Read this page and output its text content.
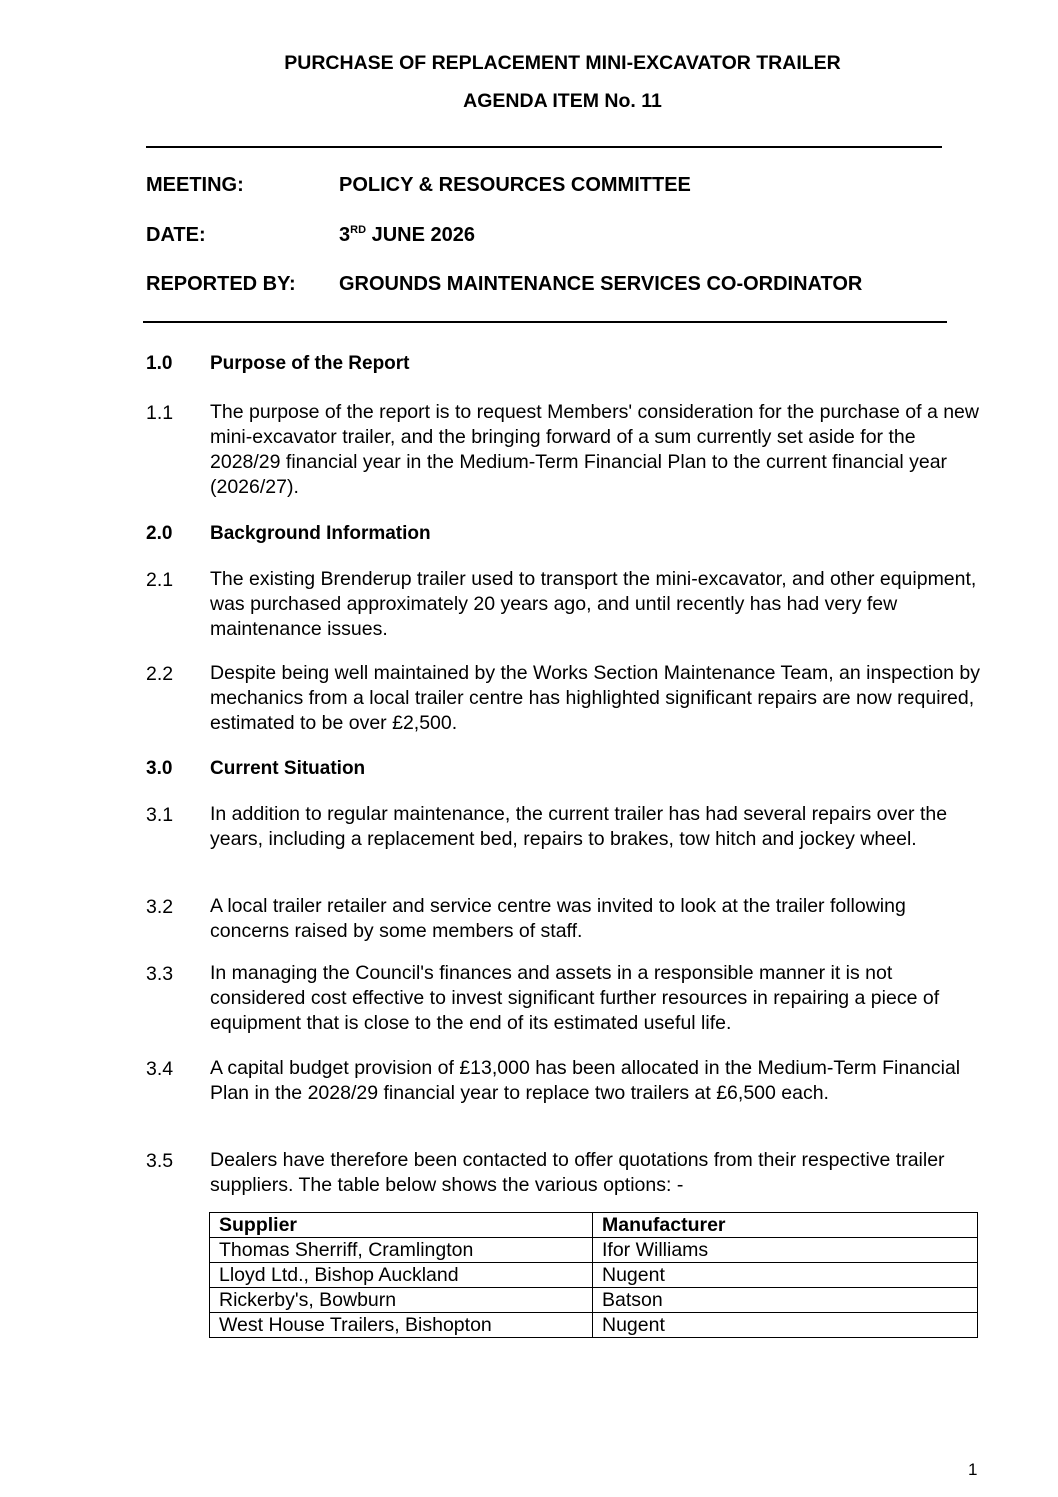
PURCHASE OF REPLACEMENT MINI-EXCAVATOR TRAILER
AGENDA ITEM No. 11
MEETING:	POLICY & RESOURCES COMMITTEE
DATE:	3RD JUNE 2026
REPORTED BY: GROUNDS MAINTENANCE SERVICES CO-ORDINATOR
1.0 Purpose of the Report
1.1 The purpose of the report is to request Members' consideration for the purchase of a new mini-excavator trailer, and the bringing forward of a sum currently set aside for the 2028/29 financial year in the Medium-Term Financial Plan to the current financial year (2026/27).
2.0 Background Information
2.1 The existing Brenderup trailer used to transport the mini-excavator, and other equipment, was purchased approximately 20 years ago, and until recently has had very few maintenance issues.
2.2 Despite being well maintained by the Works Section Maintenance Team, an inspection by mechanics from a local trailer centre has highlighted significant repairs are now required, estimated to be over £2,500.
3.0 Current Situation
3.1 In addition to regular maintenance, the current trailer has had several repairs over the years, including a replacement bed, repairs to brakes, tow hitch and jockey wheel.
3.2 A local trailer retailer and service centre was invited to look at the trailer following concerns raised by some members of staff.
3.3 In managing the Council's finances and assets in a responsible manner it is not considered cost effective to invest significant further resources in repairing a piece of equipment that is close to the end of its estimated useful life.
3.4 A capital budget provision of £13,000 has been allocated in the Medium-Term Financial Plan in the 2028/29 financial year to replace two trailers at £6,500 each.
3.5 Dealers have therefore been contacted to offer quotations from their respective trailer suppliers. The table below shows the various options: -
Supplier	Manufacturer
Thomas Sherriff, Cramlington	Ifor Williams
Lloyd Ltd., Bishop Auckland	Nugent
Rickerby's, Bowburn	Batson
West House Trailers, Bishopton	Nugent
1
